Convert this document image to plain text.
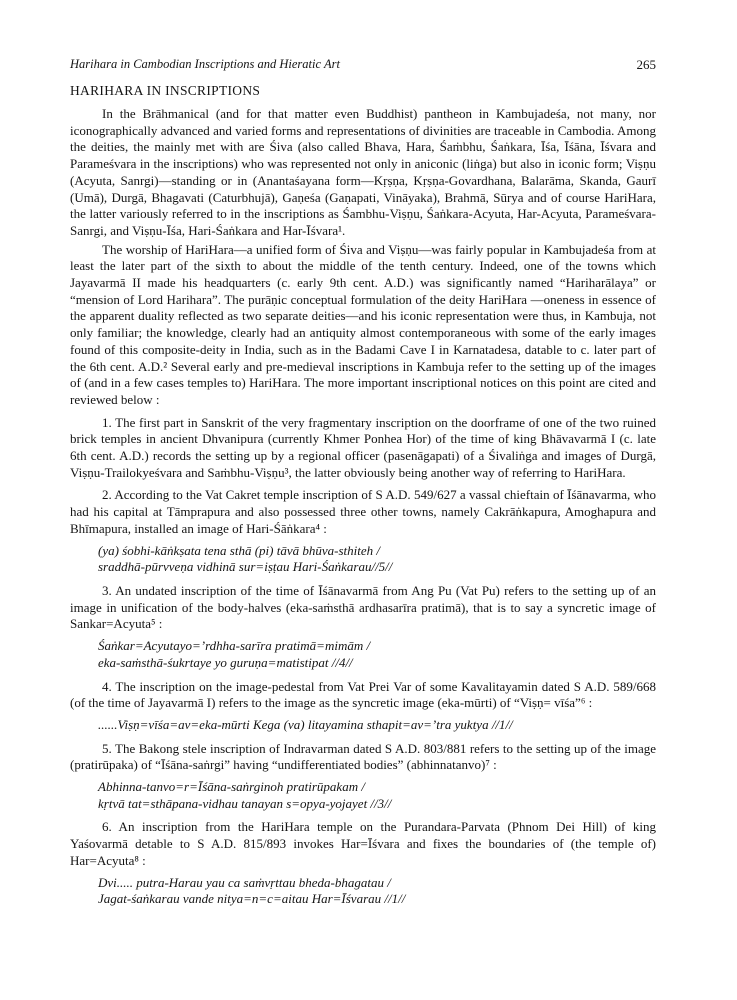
Harihara in Cambodian Inscriptions and Hieratic Art	265
HARIHARA IN INSCRIPTIONS

In the Brāhmanical (and for that matter even Buddhist) pantheon in Kambujadeśa, not many, nor iconographically advanced and varied forms and representations of divinities are traceable in Cambodia. Among the deities, the mainly met with are Śiva (also called Bhava, Hara, Śaṁbhu, Śaṅkara, Īśa, Īśāna, Īśvara and Parameśvara in the inscriptions) who was represented not only in aniconic (liṅga) but also in iconic form; Viṣṇu (Acyuta, Sanrgi)—standing or in (Anantaśayana form—Kṛṣṇa, Kṛṣṇa-Govardhana, Balarāma, Skanda, Gaurī (Umā), Durgā, Bhagavati (Caturbhujā), Gaṇeśa (Gaṇapati, Vināyaka), Brahmā, Sūrya and of course HariHara, the latter variously referred to in the inscriptions as Śambhu-Viṣṇu, Śaṅkara-Acyuta, Har-Acyuta, Parameśvara-Sanrgi, and Viṣṇu-Īśa, Hari-Śaṅkara and Har-Īśvara¹.

The worship of HariHara—a unified form of Śiva and Viṣṇu—was fairly popular in Kambujadeśa from at least the later part of the sixth to about the middle of the tenth century. Indeed, one of the towns which Jayavarmā II made his headquarters (c. early 9th cent. A.D.) was significantly named “Hariharālaya” or “mension of Lord Harihara”. The purāṇic conceptual formulation of the deity HariHara —oneness in essence of the apparent duality reflected as two separate deities—and his iconic representation were thus, in Kambuja, not only familiar; the knowledge, clearly had an antiquity almost contemporaneous with some of the early images found of this composite-deity in India, such as in the Badami Cave I in Karnatadesa, datable to c. later part of the 6th cent. A.D.² Several early and pre-medieval inscriptions in Kambuja refer to the setting up of the images of (and in a few cases temples to) HariHara. The more important inscriptional notices on this point are cited and reviewed below :

1. The first part in Sanskrit of the very fragmentary inscription on the doorframe of one of the two ruined brick temples in ancient Dhvanipura (currently Khmer Ponhea Hor) of the time of king Bhāvavarmā I (c. late 6th cent. A.D.) records the setting up by a regional officer (pasenāgapati) of a Śivaliṅga and images of Durgā, Viṣṇu-Trailokyeśvara and Saṁbhu-Viṣṇu³, the latter obviously being another way of referring to HariHara.

2. According to the Vat Cakret temple inscription of S A.D. 549/627 a vassal chieftain of Īśānavarma, who had his capital at Tāmprapura and also possessed three other towns, namely Cakrāṅkapura, Amoghapura and Bhīmapura, installed an image of Hari-Śāṅkara⁴ :

(ya) śobhi-kāṅkṣata tena sthā (pi) tāvā bhūva-sthiteh /
sraddhā-pūrvveṇa vidhinā sur=iṣṭau Hari-Śaṅkarau//5//

3. An undated inscription of the time of Īśānavarmā from Ang Pu (Vat Pu) refers to the setting up of an image in unification of the body-halves (eka-saṁsthā ardhasarīra pratimā), that is to say a syncretic image of Sankar=Acyuta⁵ :

Śaṅkar=Acyutayo=ʼrdhha-sarīra pratimā=mimām /
eka-saṁsthā-śukrtaye yo guruṇa=matistipat //4//

4. The inscription on the image-pedestal from Vat Prei Var of some Kavalitayamin dated S A.D. 589/668 (of the time of Jayavarmā I) refers to the image as the syncretic image (eka-mūrti) of “Viṣṇ= vīśa”⁶ :

......Viṣṇ=vīśa=av=eka-mūrti Kega (va) litayamina sthapit=av=ʼtra yuktya //1//

5. The Bakong stele inscription of Indravarman dated S A.D. 803/881 refers to the setting up of the image (pratirūpaka) of “Īśāna-saṅrgi” having “undifferentiated bodies” (abhinnatanvo)⁷ :

Abhinna-tanvo=r=Īśāna-saṅrginoh pratirūpakam /
kṛtvā tat=sthāpana-vidhau tanayan s=opya-yojayet //3//

6. An inscription from the HariHara temple on the Purandara-Parvata (Phnom Dei Hill) of king Yaśovarmā detable to S A.D. 815/893 invokes Har=Īśvara and fixes the boundaries of (the temple of) Har=Acyuta⁸ :

Dvi..... putra-Harau yau ca saṁvṛttau bheda-bhagatau /
Jagat-śaṅkarau vande nitya=n=c=aitau Har=Īśvarau //1//
